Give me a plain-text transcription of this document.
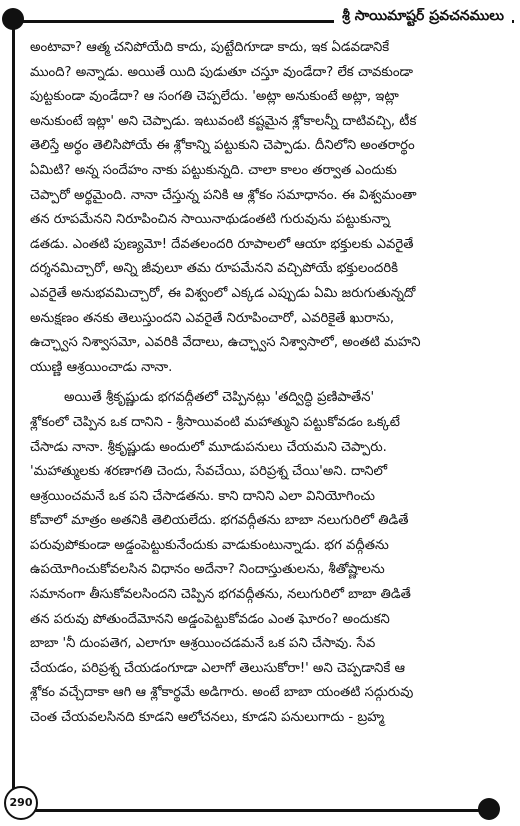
శ్రీ సాయిమాష్టర్ ప్రవచనములు

అంటావా? ఆత్మ చనిపోయేది కాదు, పుట్టేదిగూడా కాదు, ఇక ఏడవడానికే
ముంది? అన్నాడు. అయితే యిది పుడుతూ చస్తూ వుండేదా? లేక చావకుండా
పుట్టకుండా వుండేదా? ఆ సంగతి చెప్పలేదు. 'అట్లా అనుకుంటే అట్లా, ఇట్లా
అనుకుంటే ఇట్లా' అని చెప్పాడు. ఇటువంటి కష్టమైన శ్లోకాలన్నీ దాటివచ్చి, టీక
తెలిస్తే అర్థం తెలిసిపోయే ఈ శ్లోకాన్ని పట్టుకుని చెప్పాడు. దీనిలోని అంతరార్థం
ఏమిటి? అన్న సందేహం నాకు పట్టుకున్నది. చాలా కాలం తర్వాత ఎందుకు
చెప్పారో అర్థమైంది. నానా చేస్తున్న పనికి ఆ శ్లోకం సమాధానం. ఈ విశ్వమంతా
తన రూపమేనని నిరూపించిన సాయినాథుడంతటి గురువును పట్టుకున్నా
డతడు. ఎంతటి పుణ్యమో! దేవతలందరి రూపాలలో ఆయా భక్తులకు ఎవరైతే
దర్శనమిచ్చారో, అన్ని జీవులూ తమ రూపమేనని వచ్చిపోయే భక్తులందరికి
ఎవరైతే అనుభవమిచ్చారో, ఈ విశ్వంలో ఎక్కడ ఎప్పుడు ఏమి జరుగుతున్నదో
అనుక్షణం తనకు తెలుస్తుందని ఎవరైతే నిరూపించారో, ఎవరికైతే ఖురాను,
ఉచ్ఛ్వాస నిశ్వాసమో, ఎవరికి వేదాలు, ఉచ్ఛ్వాస నిశ్వాసాలో, అంతటి మహని
యుణ్ణి ఆశ్రయించాడు నానా.

అయితే శ్రీకృష్ణుడు భగవద్గీతలో చెప్పినట్లు 'తద్విద్ధి ప్రణిపాతేన'
శ్లోకంలో చెప్పిన ఒక దానిని - శ్రీసాయివంటి మహాత్ముని పట్టుకోవడం ఒక్కటే
చేసాడు నానా. శ్రీకృష్ణుడు అందులో మూడుపనులు చేయమని చెప్పారు.
'మహాత్ములకు శరణాగతి చెందు, సేవచేయి, పరిప్రశ్న చేయి'అని. దానిలో
ఆశ్రయించమనే ఒక పని చేసాడతను. కాని దానిని ఎలా వినియోగించు
కోవాలో మాత్రం అతనికి తెలియలేదు. భగవద్గీతను బాబా నలుగురిలో తిడితే
పరువుపోకుండా అడ్డంపెట్టుకునేందుకు వాడుకుంటున్నాడు. భగ వద్గీతను
ఉపయోగించుకోవలసిన విధానం అదేనా? నిందాస్తుతులను, శీతోష్ణాలను
సమానంగా తీసుకోవలసిందని చెప్పిన భగవద్గీతను, నలుగురిలో బాబా తిడితే
తన పరువు పోతుందేమోనని అడ్డంపెట్టుకోవడం ఎంత ఘోరం? అందుకని
బాబా 'నీ దుంపతెగ, ఎలాగూ ఆశ్రయించడమనే ఒక పని చేసావు. సేవ
చేయడం, పరిప్రశ్న చేయడంగూడా ఎలాగో తెలుసుకోరా!' అని చెప్పడానికే ఆ
శ్లోకం వచ్చేదాకా ఆగి ఆ శ్లోకార్థమే అడిగారు. అంటే బాబా యంతటి సద్గురువు
చెంత చేయవలసినది కూడని ఆలోచనలు, కూడని పనులుగాదు - బ్రహ్మ

290
